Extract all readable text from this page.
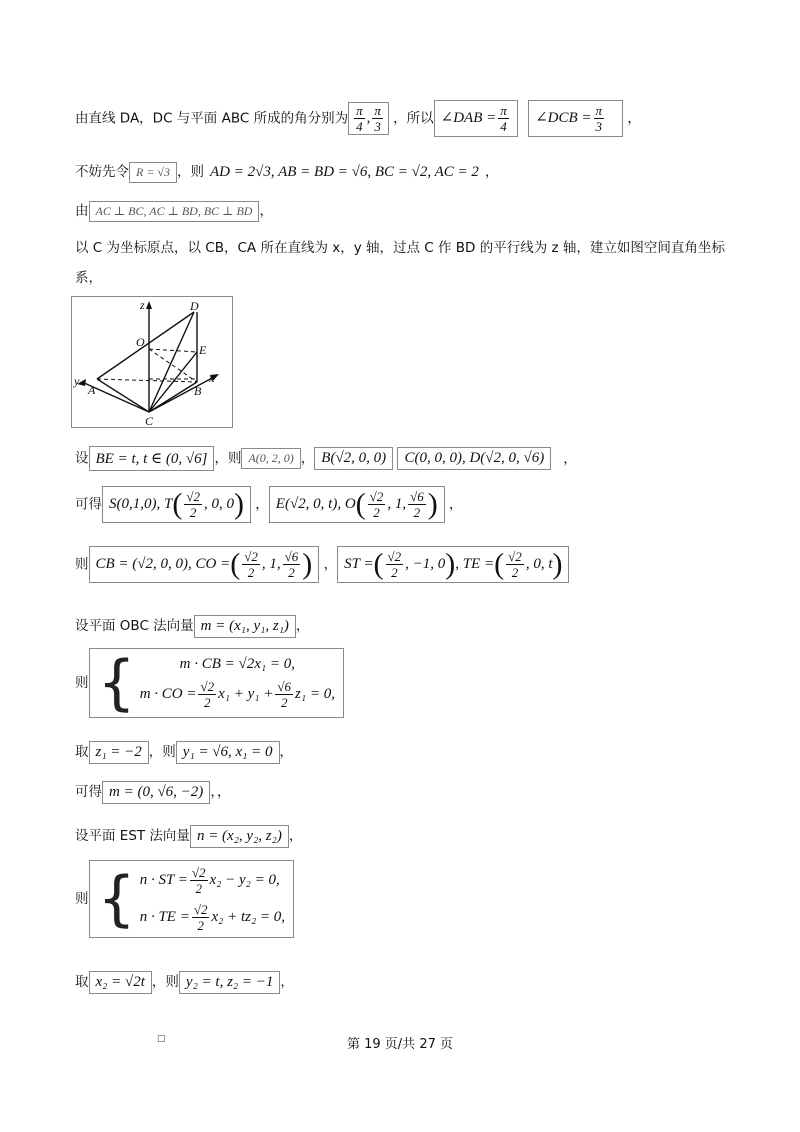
由直线 DA，DC 与平面 ABC 所成的角分别为 $\frac{\pi}{4}$ , $\frac{\pi}{3}$ ，所以 ∠DAB = $\frac{\pi}{4}$ ∠DCB = $\frac{\pi}{3}$ ，
不妨先令 R = √3 ，则 AD = 2√3, AB = BD = √6, BC = √2, AC = 2 ，
由 AC ⊥ BC, AC ⊥ BD, BC ⊥ BD ，
以 C 为坐标原点，以 CB，CA 所在直线为 x，y 轴，过点 C 作 BD 的平行线为 z 轴，建立如图空间直角坐标
系，
z	D
O
E
y
A	B
x
C
设 BE = t, t ∈ (0, √6] ，则 A(0, 2, 0) ， B(√2, 0, 0) C(0, 0, 0), D(√2, 0, √6) ，
可得 S(0,1,0), $T( \frac{√2}{2}$ , 0, 0) ， E(√2, 0, t), $O( \frac{√2}{2}$ , 1, $\frac{√6}{2}$ ) ，
则 CB = (√2, 0, 0), CO =( $\frac{√2}{2}$ , 1, $\frac{√6}{2}$ ) ， ST =( $\frac{√2}{2}$ , −1, 0), TE =( $\frac{√2}{2}$ , 0, t)
设平面 OBC 法向量 m = (x₁, y₁, z₁) ，
则 {	m · CB = √2x₁ = 0,
m · CO = $\frac{√2}{2} x_1 + y_1 + \frac{√6}{2} z_1 = 0$,
取 z₁ = −2 ，则 y₁ = √6, x₁ = 0 ，
可得 m = (0, √6, −2) ，，
设平面 EST 法向量 n = (x₂, y₂, z₂) ，
则 { n · ST = $\frac{√2}{2} x_2 - y_2 = 0$,
n · TE = $\frac{√2}{2} x_2 + tz_2 = 0$,
取 x₂ = √2t ，则 y₂ = t, z₂ = −1 ，
□	第 19 页/共 27 页
